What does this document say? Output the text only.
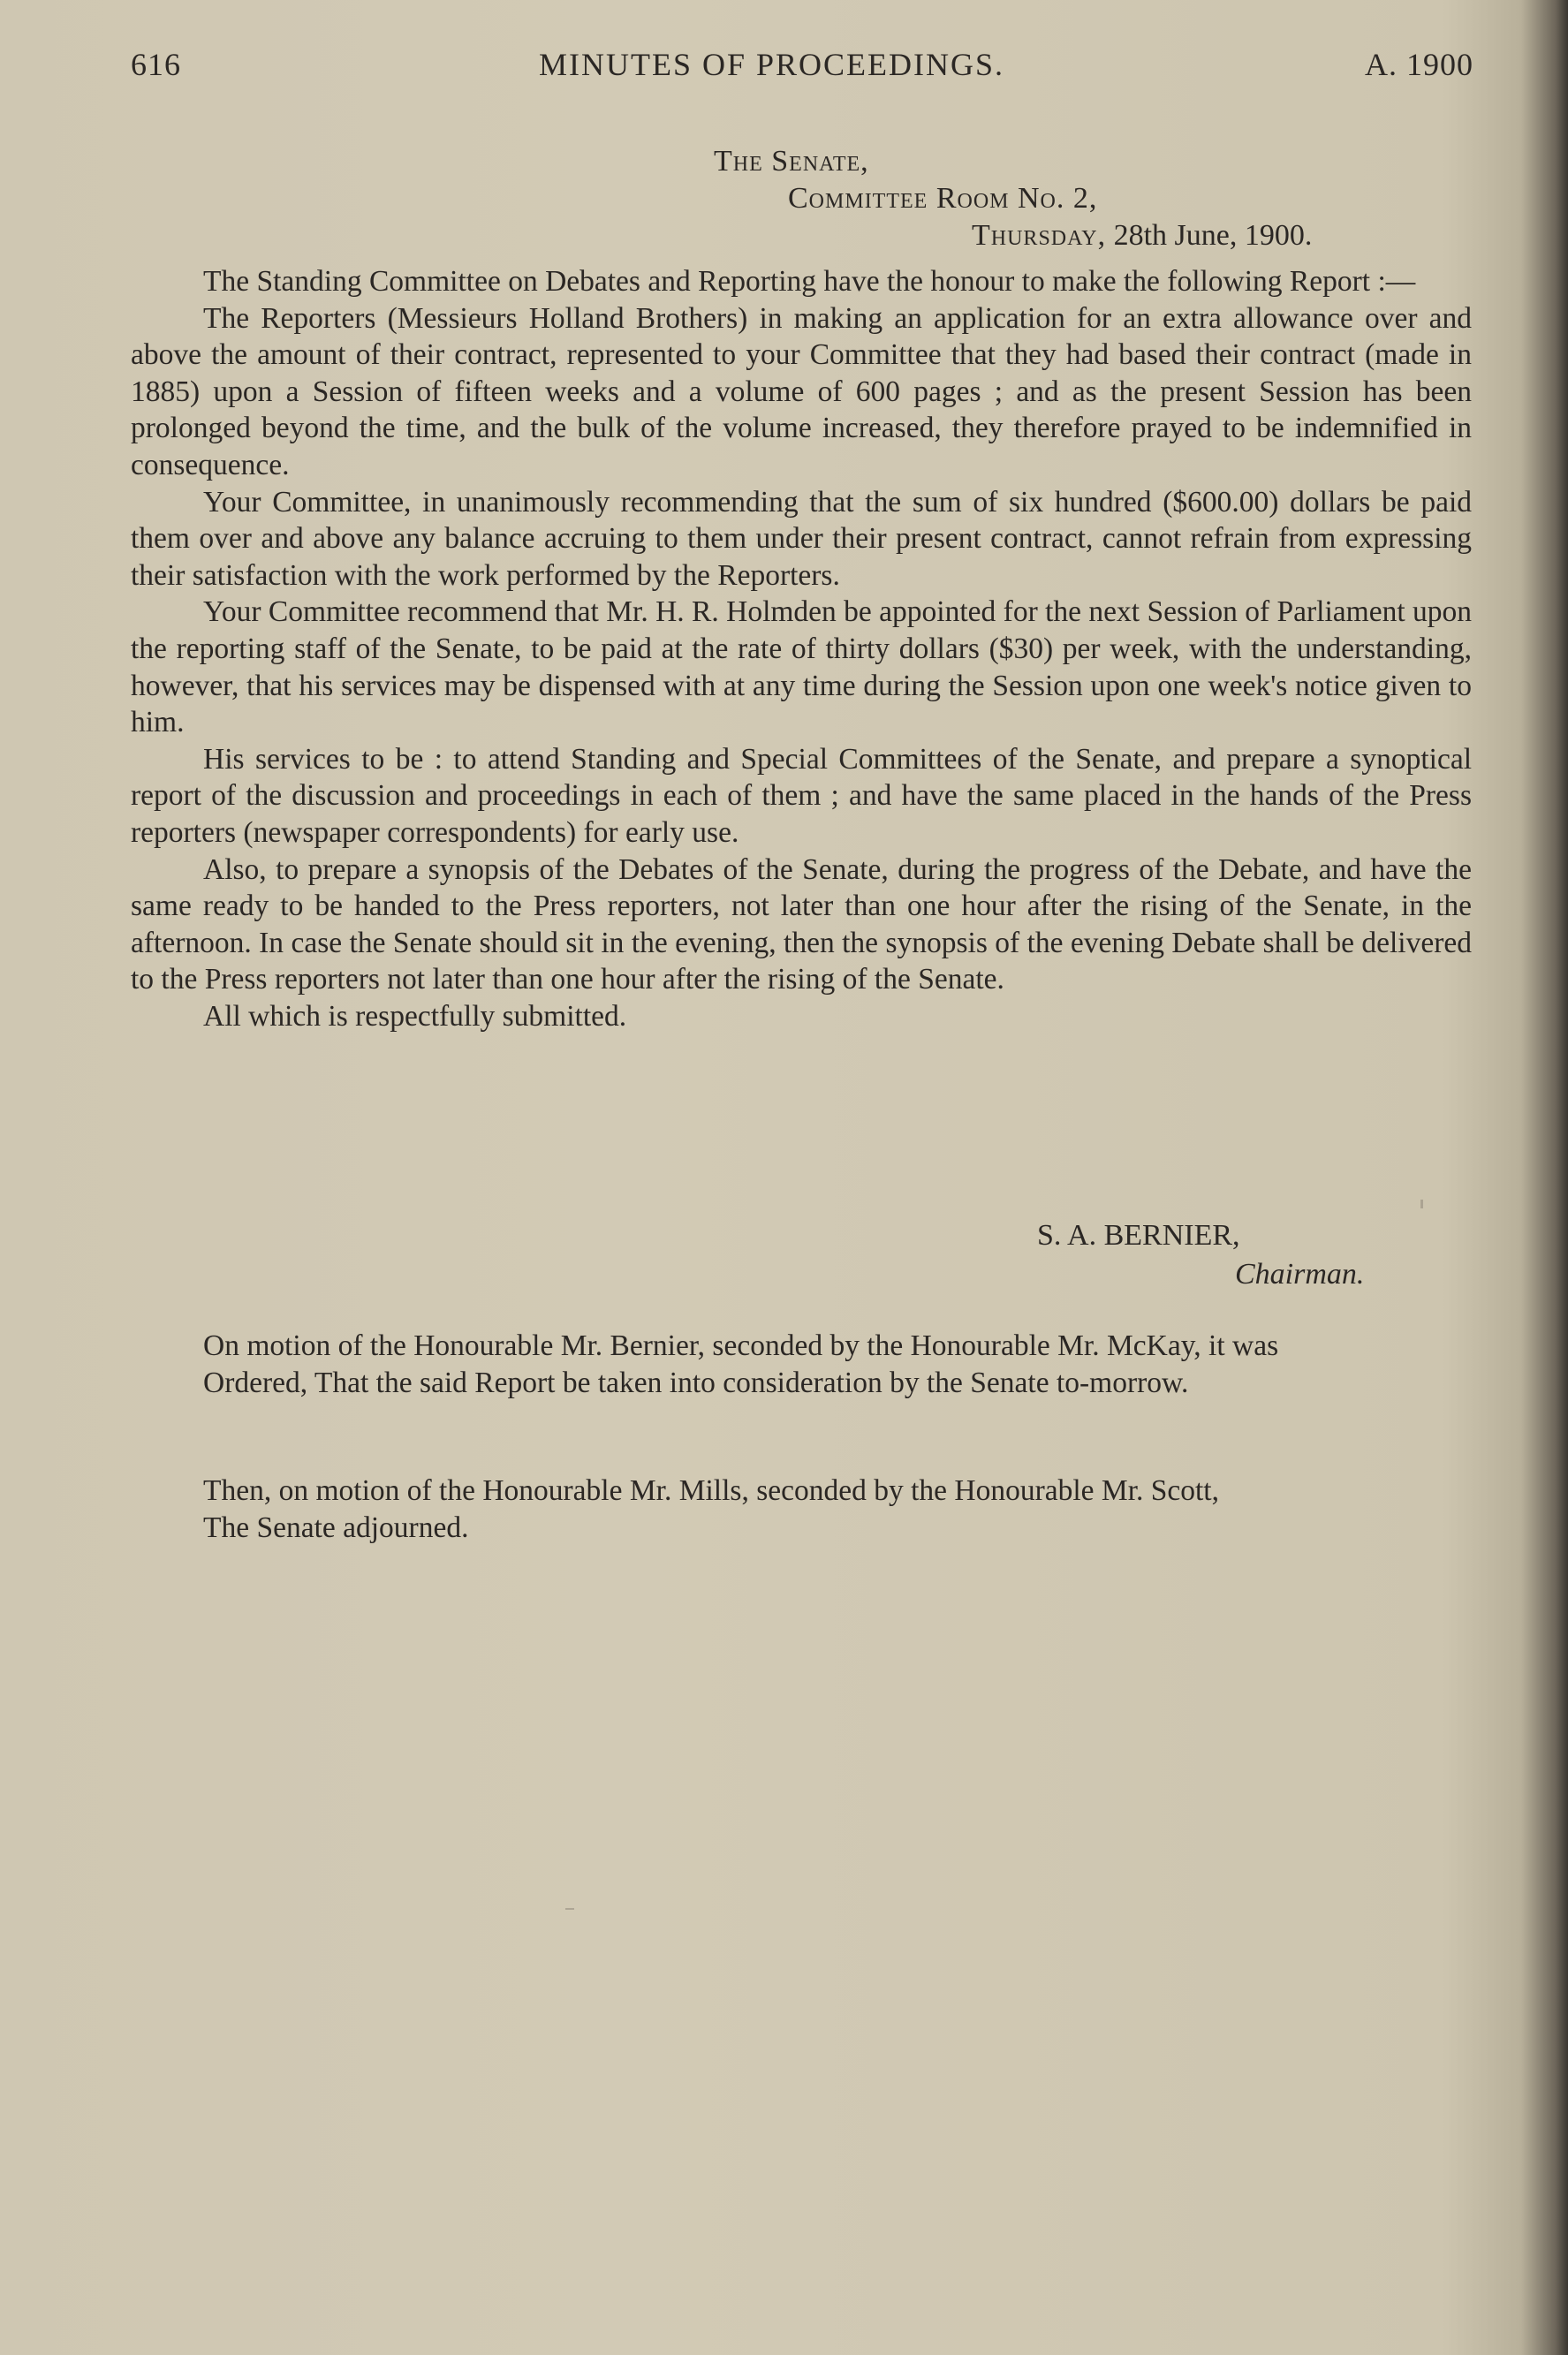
616	MINUTES OF PROCEEDINGS.	A. 1900
The Senate,
Committee Room No. 2,
Thursday, 28th June, 1900.

The Standing Committee on Debates and Reporting have the honour to make the following Report :—

The Reporters (Messieurs Holland Brothers) in making an application for an extra allowance over and above the amount of their contract, represented to your Committee that they had based their contract (made in 1885) upon a Session of fifteen weeks and a volume of 600 pages ; and as the present Session has been prolonged beyond the time, and the bulk of the volume increased, they therefore prayed to be indemnified in consequence.

Your Committee, in unanimously recommending that the sum of six hundred ($600.00) dollars be paid them over and above any balance accruing to them under their present contract, cannot refrain from expressing their satisfaction with the work performed by the Reporters.

Your Committee recommend that Mr. H. R. Holmden be appointed for the next Session of Parliament upon the reporting staff of the Senate, to be paid at the rate of thirty dollars ($30) per week, with the understanding, however, that his services may be dispensed with at any time during the Session upon one week's notice given to him.

His services to be : to attend Standing and Special Committees of the Senate, and prepare a synoptical report of the discussion and proceedings in each of them ; and have the same placed in the hands of the Press reporters (newspaper correspondents) for early use.

Also, to prepare a synopsis of the Debates of the Senate, during the progress of the Debate, and have the same ready to be handed to the Press reporters, not later than one hour after the rising of the Senate, in the afternoon. In case the Senate should sit in the evening, then the synopsis of the evening Debate shall be delivered to the Press reporters not later than one hour after the rising of the Senate.

All which is respectfully submitted.

S. A. BERNIER,
Chairman.

On motion of the Honourable Mr. Bernier, seconded by the Honourable Mr. McKay, it was

Ordered, That the said Report be taken into consideration by the Senate to-morrow.

Then, on motion of the Honourable Mr. Mills, seconded by the Honourable Mr. Scott,

The Senate adjourned.
